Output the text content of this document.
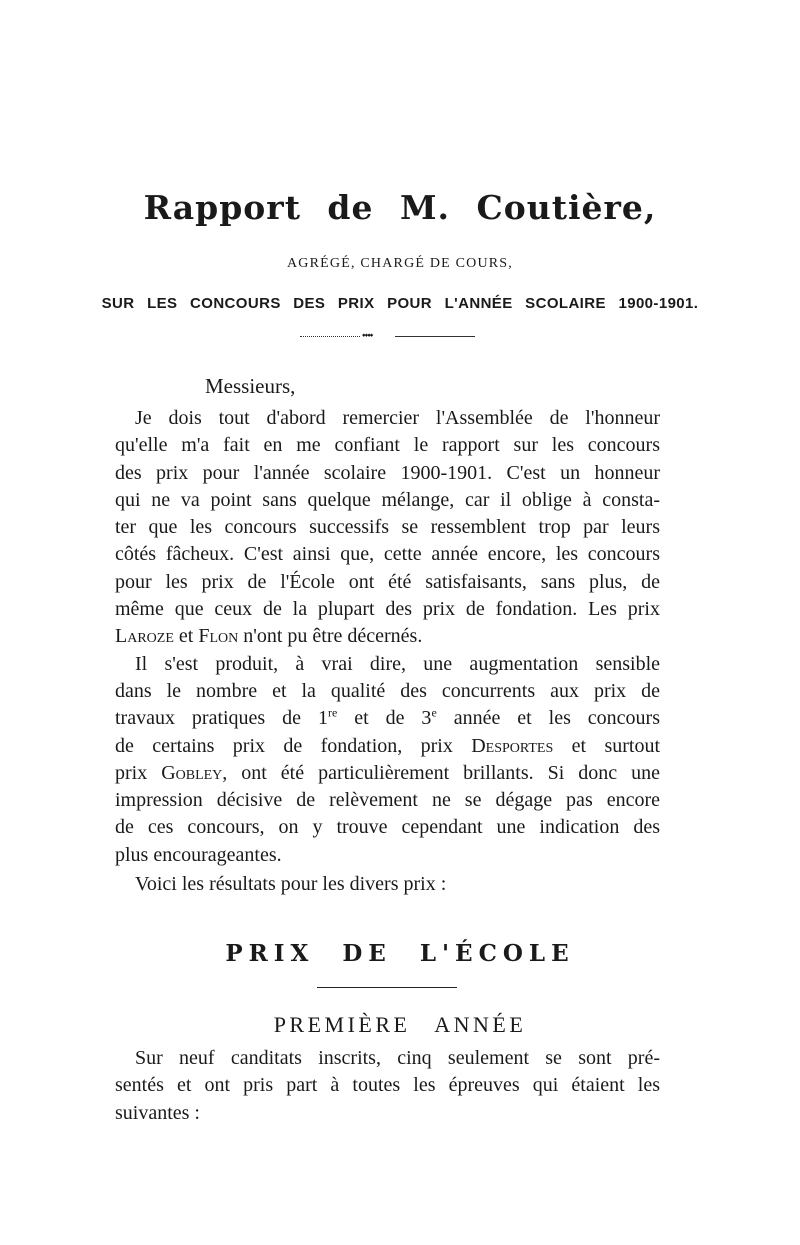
Rapport de M. Coutière,
AGRÉGÉ, CHARGÉ DE COURS,
SUR LES CONCOURS DES PRIX POUR L'ANNÉE SCOLAIRE 1900-1901.
⬩⬩⬩⬩
Messieurs,
Je dois tout d'abord remercier l'Assemblée de l'honneur
qu'elle m'a fait en me confiant le rapport sur les concours
des prix pour l'année scolaire 1900-1901. C'est un honneur
qui ne va point sans quelque mélange, car il oblige à consta-
ter que les concours successifs se ressemblent trop par leurs
côtés fâcheux. C'est ainsi que, cette année encore, les concours
pour les prix de l'École ont été satisfaisants, sans plus, de
même que ceux de la plupart des prix de fondation. Les prix
Laroze et Flon n'ont pu être décernés.
Il s'est produit, à vrai dire, une augmentation sensible
dans le nombre et la qualité des concurrents aux prix de
travaux pratiques de 1re et de 3e année et les concours
de certains prix de fondation, prix Desportes et surtout
prix Gobley, ont été particulièrement brillants. Si donc une
impression décisive de relèvement ne se dégage pas encore
de ces concours, on y trouve cependant une indication des
plus encourageantes.
Voici les résultats pour les divers prix :
PRIX DE L'ÉCOLE
PREMIÈRE ANNÉE
Sur neuf canditats inscrits, cinq seulement se sont pré-
sentés et ont pris part à toutes les épreuves qui étaient les
suivantes :
